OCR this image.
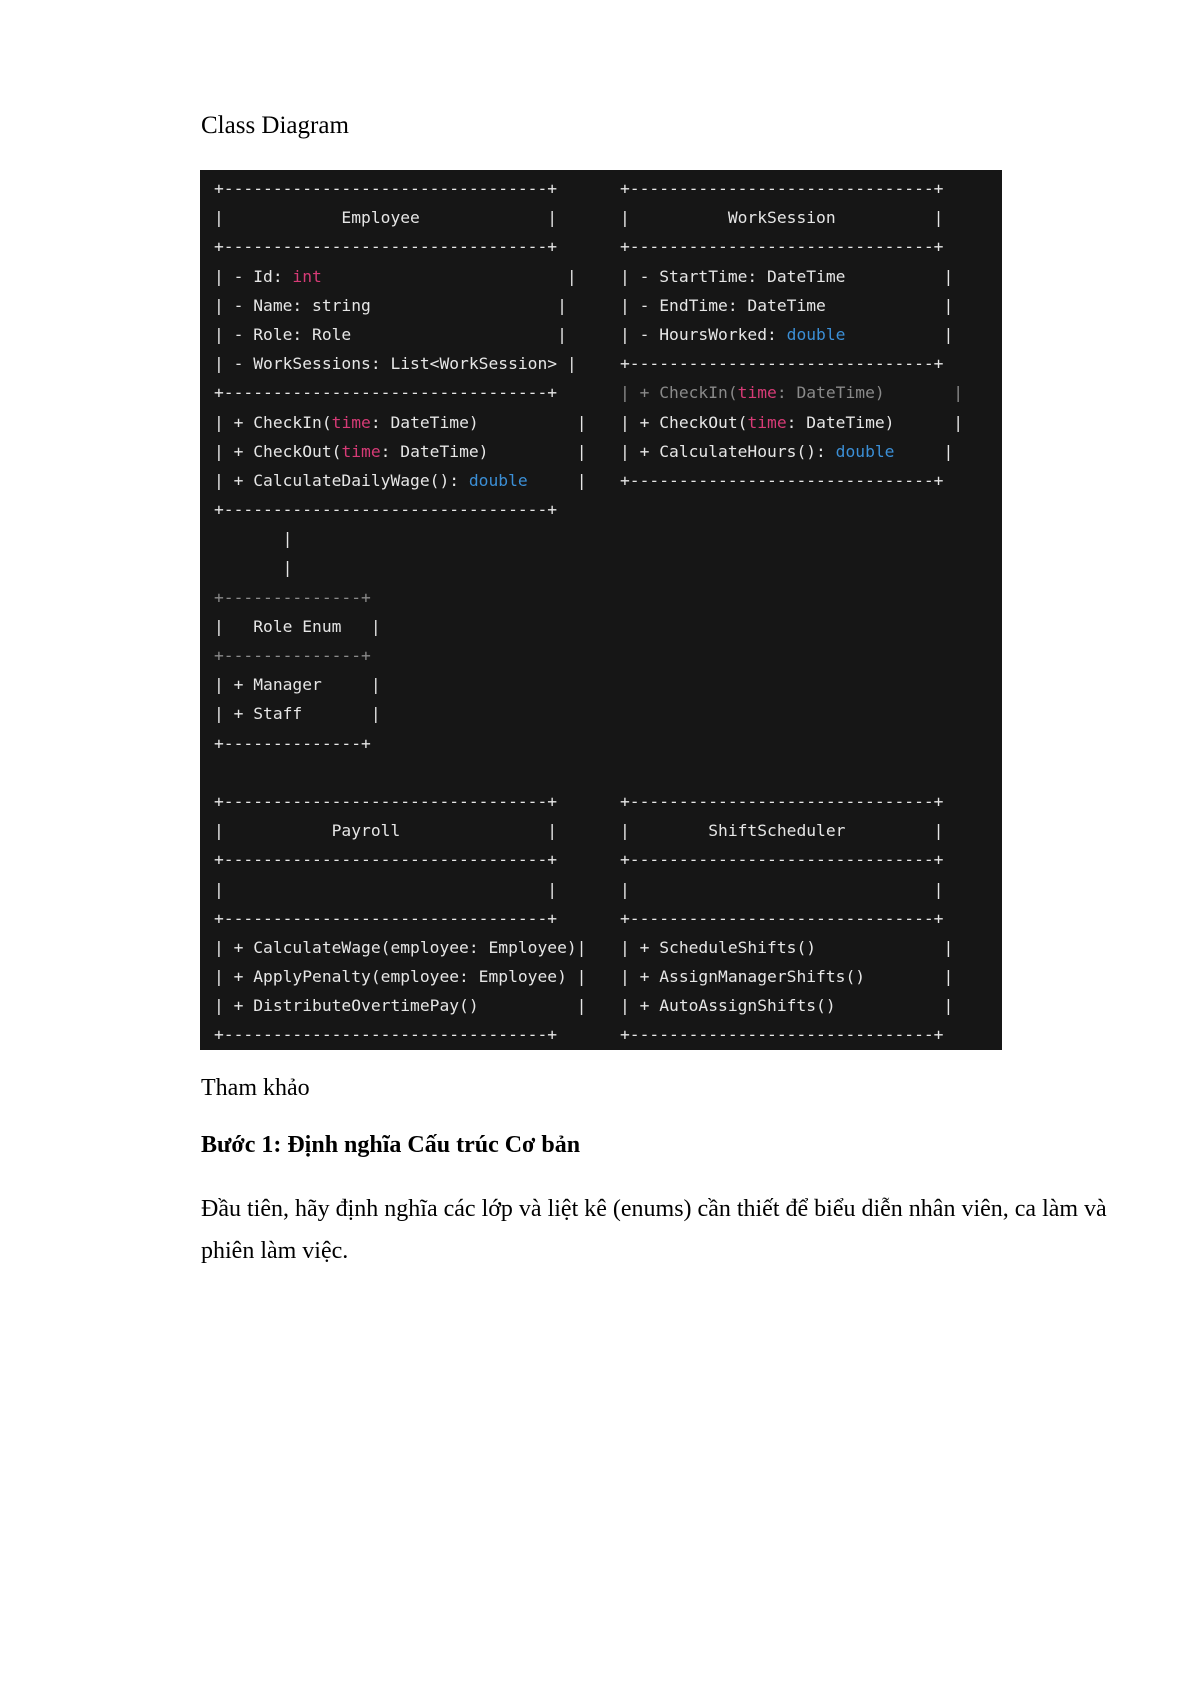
Class Diagram

+---------------------------------+
|            Employee             |
+---------------------------------+
| - Id: int                         |
| - Name: string                   |
| - Role: Role                     |
| - WorkSessions: List<WorkSession> |
+---------------------------------+
| + CheckIn(time: DateTime)          |
| + CheckOut(time: DateTime)         |
| + CalculateDailyWage(): double     |
+---------------------------------+
|
|
+--------------+
|   Role Enum   |
+--------------+
| + Manager     |
| + Staff       |
+--------------+
+---------------------------------+
|           Payroll               |
+---------------------------------+
|                                 |
+---------------------------------+
| + CalculateWage(employee: Employee)|
| + ApplyPenalty(employee: Employee) |
| + DistributeOvertimePay()          |
+---------------------------------+

+-------------------------------+
|          WorkSession          |
+-------------------------------+
| - StartTime: DateTime          |
| - EndTime: DateTime            |
| - HoursWorked: double          |
+-------------------------------+
| + CheckIn(time: DateTime)       |
| + CheckOut(time: DateTime)      |
| + CalculateHours(): double     |
+-------------------------------+
+-------------------------------+
|        ShiftScheduler         |
+-------------------------------+
|                               |
+-------------------------------+
| + ScheduleShifts()             |
| + AssignManagerShifts()        |
| + AutoAssignShifts()           |
+-------------------------------+

Tham khảo

Bước 1: Định nghĩa Cấu trúc Cơ bản

Đầu tiên, hãy định nghĩa các lớp và liệt kê (enums) cần thiết để biểu diễn nhân viên, ca làm và phiên làm việc.
